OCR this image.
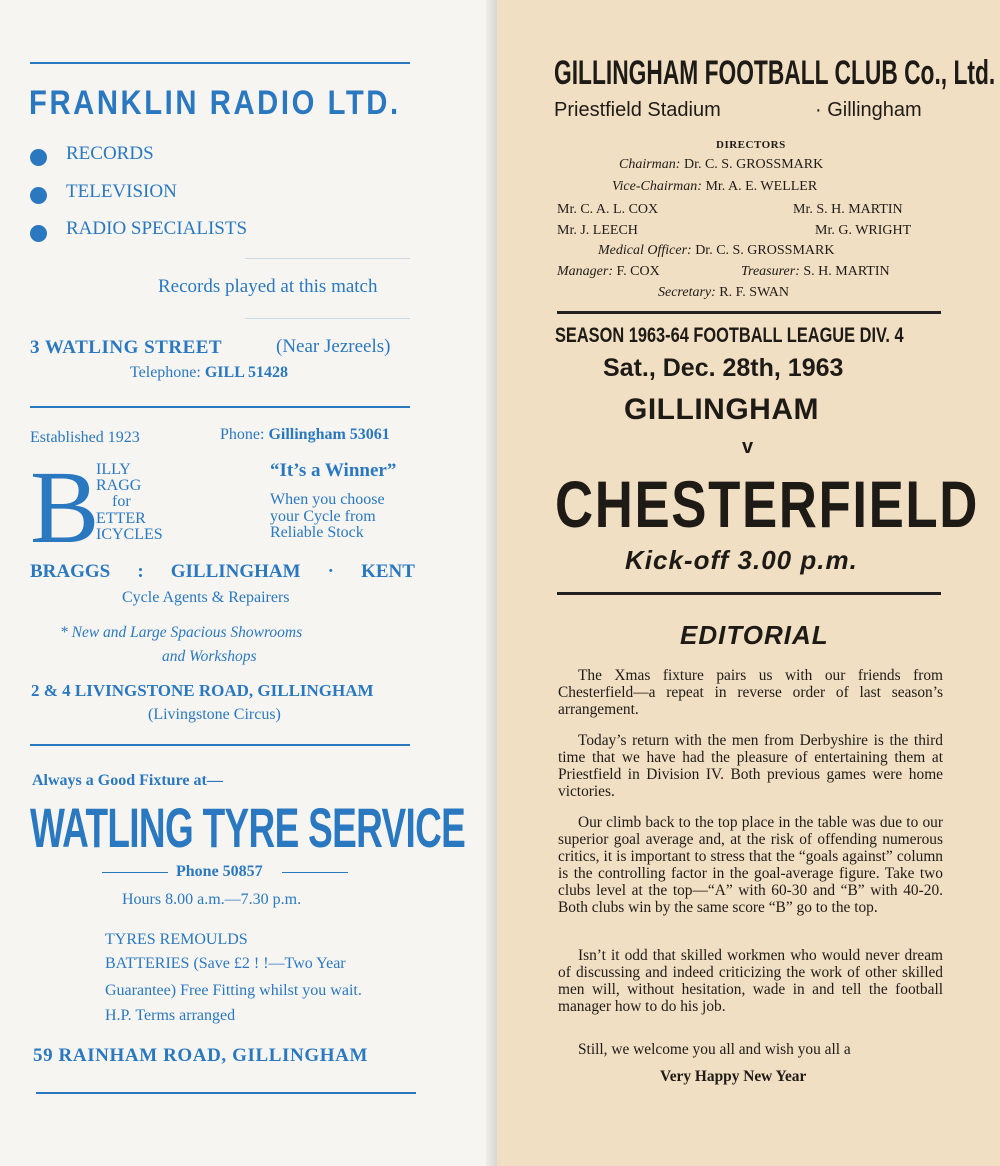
FRANKLIN RADIO LTD.
RECORDS
TELEVISION
RADIO SPECIALISTS
Records played at this match
3 WATLING STREET	(Near Jezreels)
Telephone: GILL 51428
Established 1923	Phone: Gillingham 53061
B
ILLY
RAGG
for
ETTER
ICYCLES
“It’s a Winner”
When you choose
your Cycle from
Reliable Stock
BRAGGS : GILLINGHAM · KENT
Cycle Agents & Repairers
* New and Large Spacious Showrooms
and Workshops
2 & 4 LIVINGSTONE ROAD, GILLINGHAM
(Livingstone Circus)
Always a Good Fixture at—
WATLING TYRE SERVICE
Phone 50857
Hours 8.00 a.m.—7.30 p.m.
TYRES REMOULDS
BATTERIES (Save £2 ! !—Two Year
Guarantee) Free Fitting whilst you wait.
H.P. Terms arranged
59 RAINHAM ROAD, GILLINGHAM
GILLINGHAM FOOTBALL CLUB Co., Ltd.
Priestfield Stadium	· Gillingham
DIRECTORS
Chairman: Dr. C. S. GROSSMARK
Vice-Chairman: Mr. A. E. WELLER
Mr. C. A. L. COX	Mr. S. H. MARTIN
Mr. J. LEECH	Mr. G. WRIGHT
Medical Officer: Dr. C. S. GROSSMARK
Manager: F. COX	Treasurer: S. H. MARTIN
Secretary: R. F. SWAN
SEASON 1963-64 FOOTBALL LEAGUE DIV. 4
Sat., Dec. 28th, 1963
GILLINGHAM
v
CHESTERFIELD
Kick-off 3.00 p.m.
EDITORIAL
The Xmas fixture pairs us with our friends from Chesterfield—a repeat in reverse order of last season’s arrangement.
Today’s return with the men from Derbyshire is the third time that we have had the pleasure of entertaining them at Priestfield in Division IV. Both previous games were home victories.
Our climb back to the top place in the table was due to our superior goal average and, at the risk of offending numerous critics, it is important to stress that the “goals against” column is the controlling factor in the goal-average figure. Take two clubs level at the top—“A” with 60-30 and “B” with 40-20. Both clubs win by the same score “B” go to the top.
Isn’t it odd that skilled workmen who would never dream of discussing and indeed criticizing the work of other skilled men will, without hesitation, wade in and tell the football manager how to do his job.
Still, we welcome you all and wish you all a
Very Happy New Year
